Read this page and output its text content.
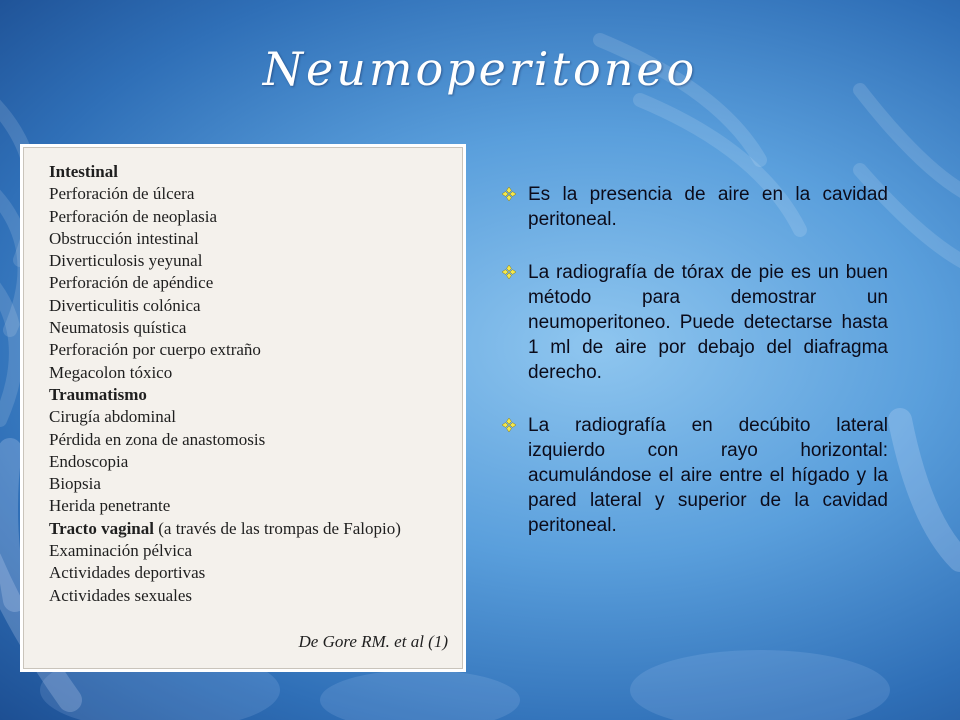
Neumoperitoneo
Intestinal
Perforación de úlcera
Perforación de neoplasia
Obstrucción intestinal
Diverticulosis yeyunal
Perforación de apéndice
Diverticulitis colónica
Neumatosis quística
Perforación por cuerpo extraño
Megacolon tóxico
Traumatismo
Cirugía abdominal
Pérdida en zona de anastomosis
Endoscopia
Biopsia
Herida penetrante
Tracto vaginal (a través de las trompas de Falopio)
Examinación pélvica
Actividades deportivas
Actividades sexuales
De Gore RM. et al (1)
Es la presencia de aire en la cavidad peritoneal.
La radiografía de tórax de pie es un buen método para demostrar un neumoperitoneo. Puede detectarse hasta 1 ml de aire por debajo del diafragma derecho.
La radiografía en decúbito lateral izquierdo con rayo horizontal: acumulándose el aire entre el hígado y la pared lateral y superior de la cavidad peritoneal.
